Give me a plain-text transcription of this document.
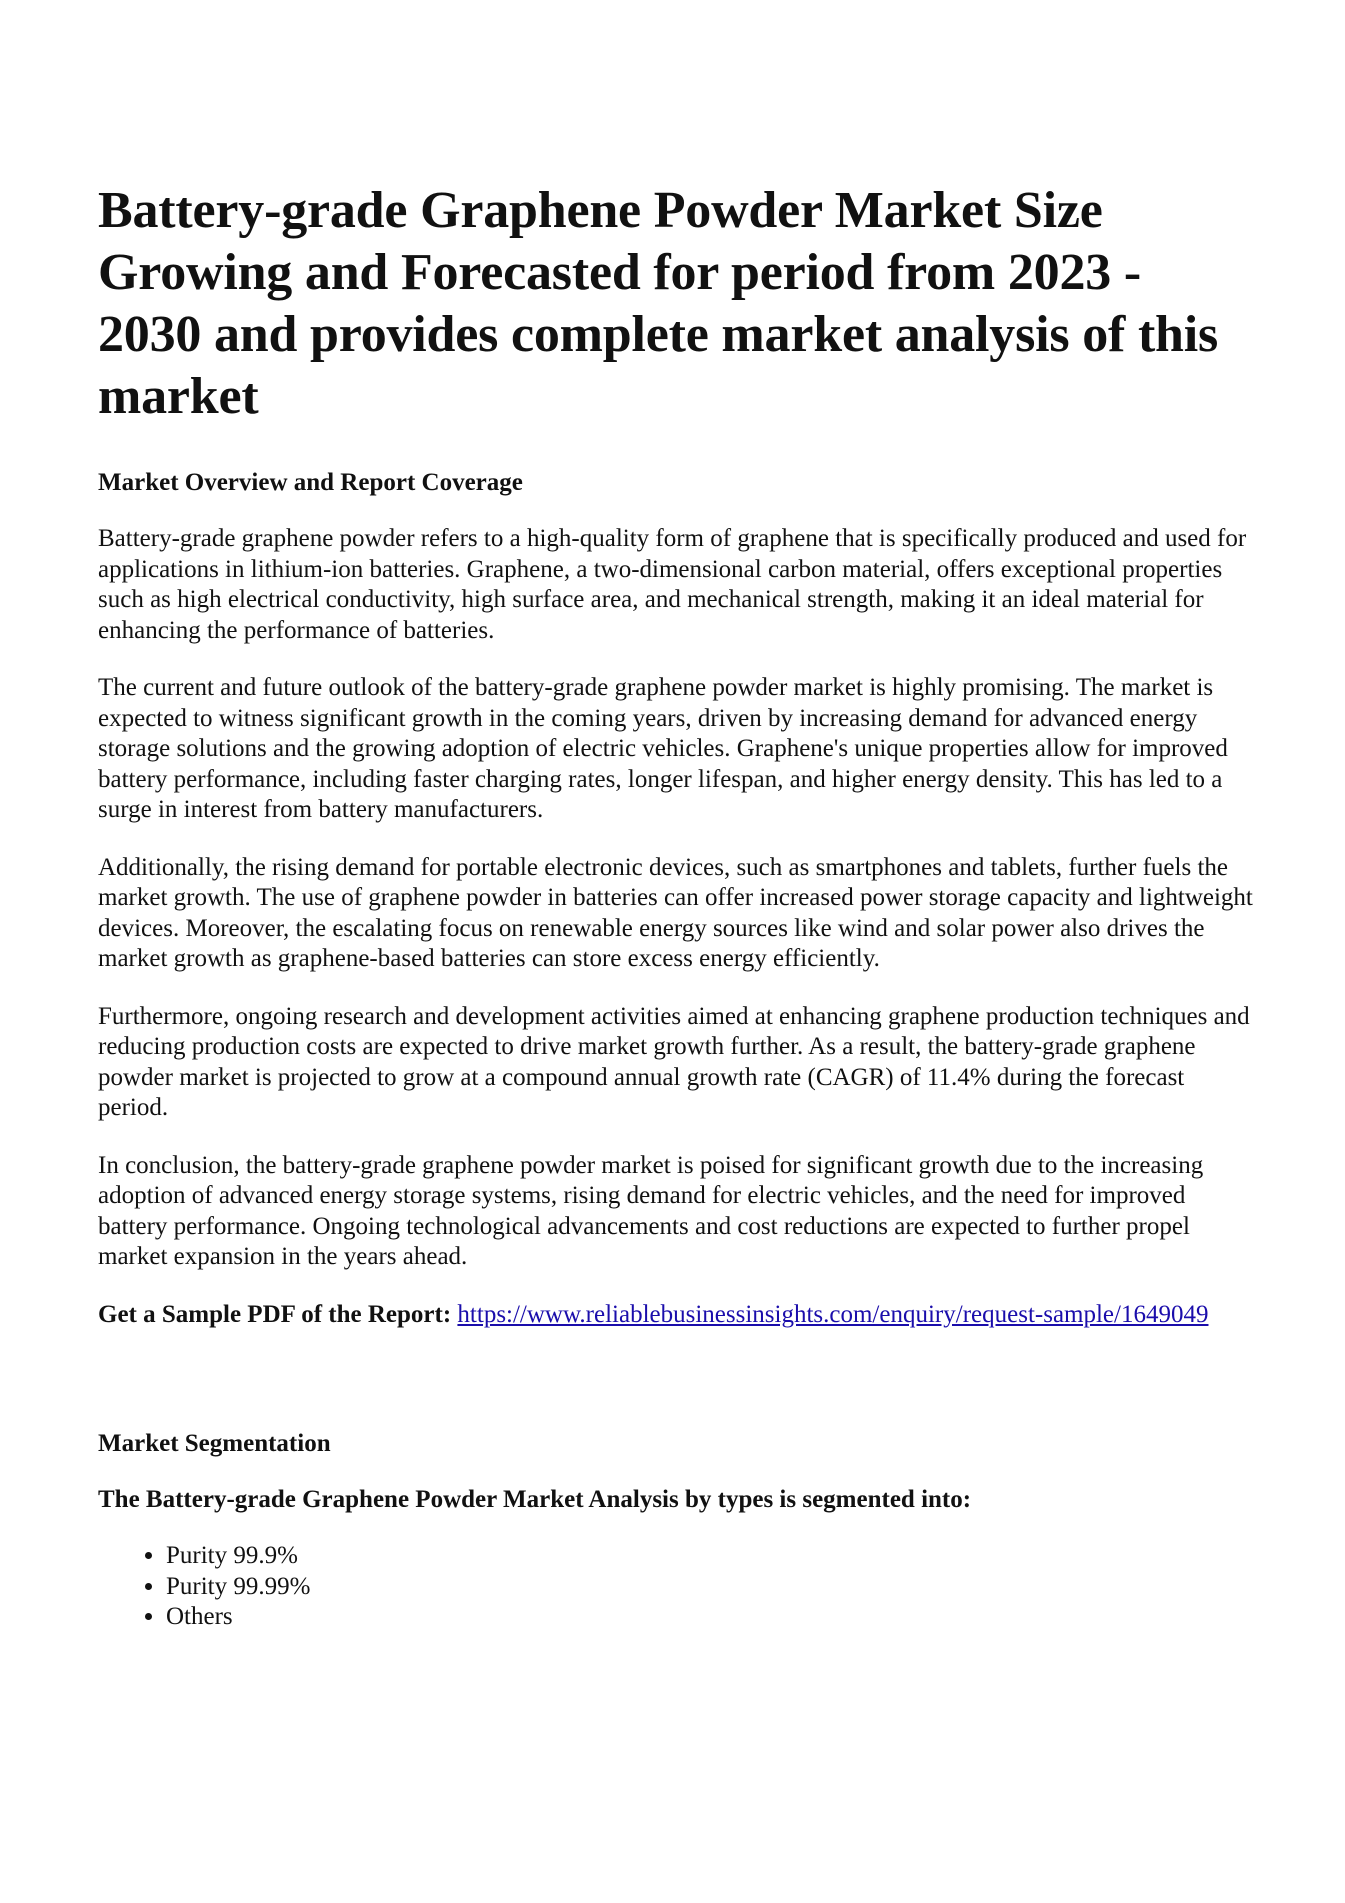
Battery-grade Graphene Powder Market Size Growing and Forecasted for period from 2023 - 2030 and provides complete market analysis of this market
Market Overview and Report Coverage

Battery-grade graphene powder refers to a high-quality form of graphene that is specifically produced and used for applications in lithium-ion batteries. Graphene, a two-dimensional carbon material, offers exceptional properties such as high electrical conductivity, high surface area, and mechanical strength, making it an ideal material for enhancing the performance of batteries.

The current and future outlook of the battery-grade graphene powder market is highly promising. The market is expected to witness significant growth in the coming years, driven by increasing demand for advanced energy storage solutions and the growing adoption of electric vehicles. Graphene's unique properties allow for improved battery performance, including faster charging rates, longer lifespan, and higher energy density. This has led to a surge in interest from battery manufacturers.

Additionally, the rising demand for portable electronic devices, such as smartphones and tablets, further fuels the market growth. The use of graphene powder in batteries can offer increased power storage capacity and lightweight devices. Moreover, the escalating focus on renewable energy sources like wind and solar power also drives the market growth as graphene-based batteries can store excess energy efficiently.

Furthermore, ongoing research and development activities aimed at enhancing graphene production techniques and reducing production costs are expected to drive market growth further. As a result, the battery-grade graphene powder market is projected to grow at a compound annual growth rate (CAGR) of 11.4% during the forecast period.

In conclusion, the battery-grade graphene powder market is poised for significant growth due to the increasing adoption of advanced energy storage systems, rising demand for electric vehicles, and the need for improved battery performance. Ongoing technological advancements and cost reductions are expected to further propel market expansion in the years ahead.

Get a Sample PDF of the Report: https://www.reliablebusinessinsights.com/enquiry/request-sample/1649049
Market Segmentation
The Battery-grade Graphene Powder Market Analysis by types is segmented into:
• Purity 99.9%
• Purity 99.99%
• Others
